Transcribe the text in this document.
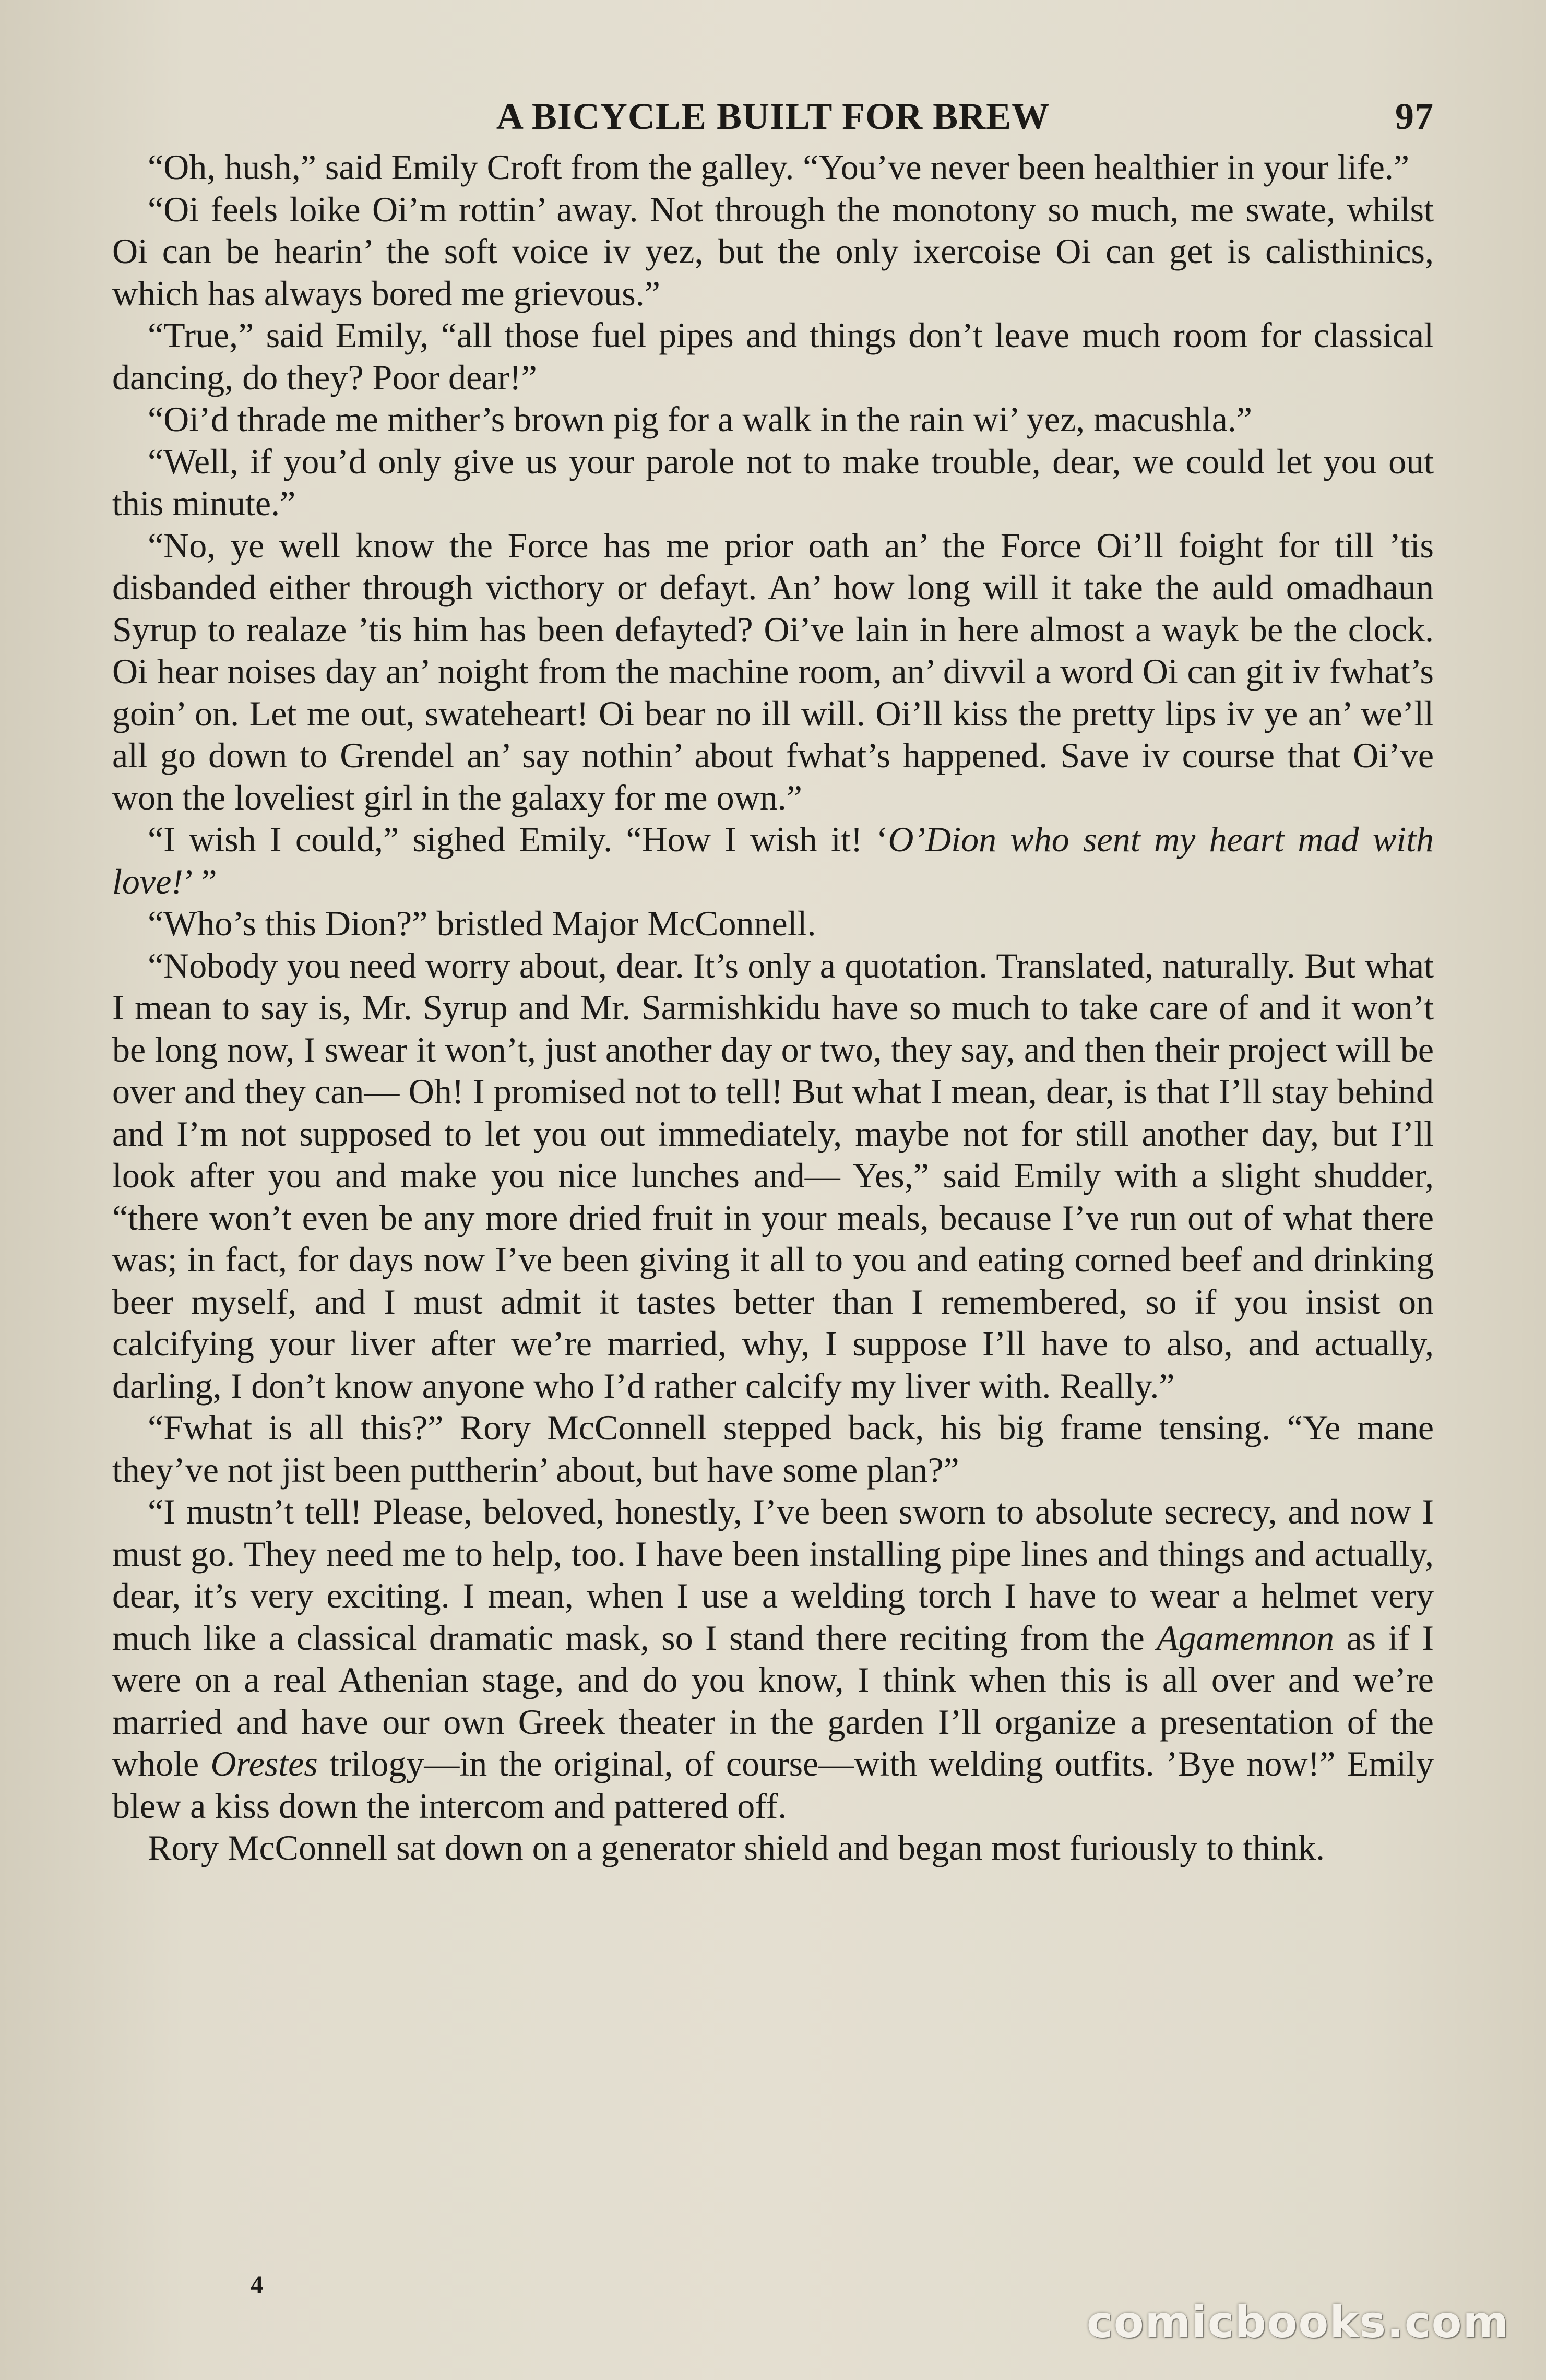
A BICYCLE BUILT FOR BREW	97

“Oh, hush,” said Emily Croft from the galley. “You’ve never been healthier in your life.”

“Oi feels loike Oi’m rottin’ away. Not through the monotony so much, me swate, whilst Oi can be hearin’ the soft voice iv yez, but the only ixercoise Oi can get is calisthinics, which has always bored me grievous.”

“True,” said Emily, “all those fuel pipes and things don’t leave much room for classical dancing, do they? Poor dear!”

“Oi’d thrade me mither’s brown pig for a walk in the rain wi’ yez, macushla.”

“Well, if you’d only give us your parole not to make trouble, dear, we could let you out this minute.”

“No, ye well know the Force has me prior oath an’ the Force Oi’ll foight for till ’tis disbanded either through victhory or defayt. An’ how long will it take the auld omadhaun Syrup to realaze ’tis him has been defayted? Oi’ve lain in here almost a wayk be the clock. Oi hear noises day an’ noight from the machine room, an’ divvil a word Oi can git iv fwhat’s goin’ on. Let me out, swateheart! Oi bear no ill will. Oi’ll kiss the pretty lips iv ye an’ we’ll all go down to Grendel an’ say nothin’ about fwhat’s happened. Save iv course that Oi’ve won the loveliest girl in the galaxy for me own.”

“I wish I could,” sighed Emily. “How I wish it! ‘O’Dion who sent my heart mad with love!’ ”

“Who’s this Dion?” bristled Major McConnell.

“Nobody you need worry about, dear. It’s only a quotation. Translated, naturally. But what I mean to say is, Mr. Syrup and Mr. Sarmishkidu have so much to take care of and it won’t be long now, I swear it won’t, just another day or two, they say, and then their project will be over and they can— Oh! I promised not to tell! But what I mean, dear, is that I’ll stay behind and I’m not supposed to let you out immediately, maybe not for still another day, but I’ll look after you and make you nice lunches and— Yes,” said Emily with a slight shudder, “there won’t even be any more dried fruit in your meals, because I’ve run out of what there was; in fact, for days now I’ve been giving it all to you and eating corned beef and drinking beer myself, and I must admit it tastes better than I remembered, so if you insist on calcifying your liver after we’re married, why, I suppose I’ll have to also, and actually, darling, I don’t know anyone who I’d rather calcify my liver with. Really.”

“Fwhat is all this?” Rory McConnell stepped back, his big frame tensing. “Ye mane they’ve not jist been puttherin’ about, but have some plan?”

“I mustn’t tell! Please, beloved, honestly, I’ve been sworn to absolute secrecy, and now I must go. They need me to help, too. I have been installing pipe lines and things and actually, dear, it’s very exciting. I mean, when I use a welding torch I have to wear a helmet very much like a classical dramatic mask, so I stand there reciting from the Agamemnon as if I were on a real Athenian stage, and do you know, I think when this is all over and we’re married and have our own Greek theater in the garden I’ll organize a presentation of the whole Orestes trilogy—in the original, of course—with welding outfits. ’Bye now!” Emily blew a kiss down the intercom and pattered off.

Rory McConnell sat down on a generator shield and began most furiously to think.

4
comicbooks.com
